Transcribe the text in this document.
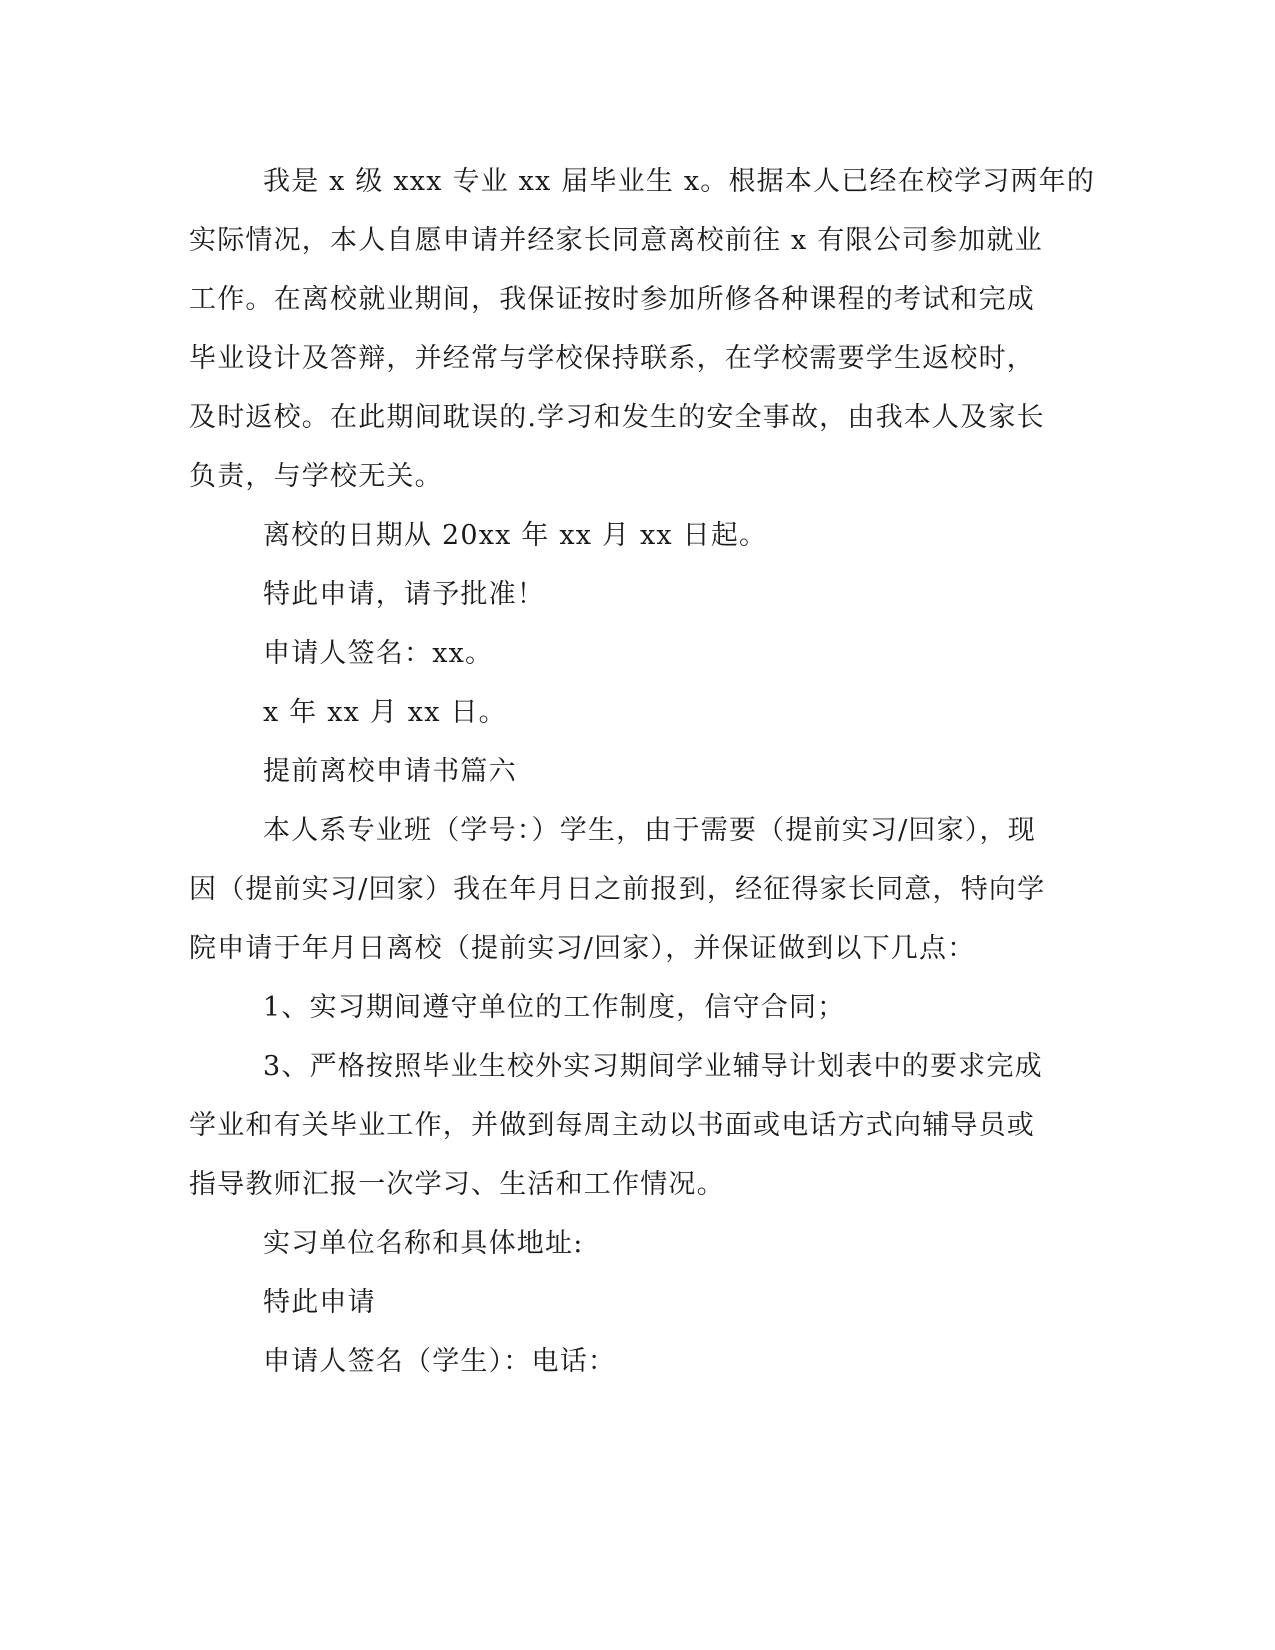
我是 x 级 xxx 专业 xx 届毕业生 x。根据本人已经在校学习两年的
实际情况，本人自愿申请并经家长同意离校前往 x 有限公司参加就业
工作。在离校就业期间，我保证按时参加所修各种课程的考试和完成
毕业设计及答辩，并经常与学校保持联系，在学校需要学生返校时，
及时返校。在此期间耽误的.学习和发生的安全事故，由我本人及家长
负责，与学校无关。
离校的日期从 20xx 年 xx 月 xx 日起。
特此申请，请予批准！
申请人签名：xx。
x 年 xx 月 xx 日。
提前离校申请书篇六
本人系专业班（学号：）学生，由于需要（提前实习/回家），现
因（提前实习/回家）我在年月日之前报到，经征得家长同意，特向学
院申请于年月日离校（提前实习/回家），并保证做到以下几点：
1、实习期间遵守单位的工作制度，信守合同；
3、严格按照毕业生校外实习期间学业辅导计划表中的要求完成
学业和有关毕业工作，并做到每周主动以书面或电话方式向辅导员或
指导教师汇报一次学习、生活和工作情况。
实习单位名称和具体地址:
特此申请
申请人签名（学生）：电话：
